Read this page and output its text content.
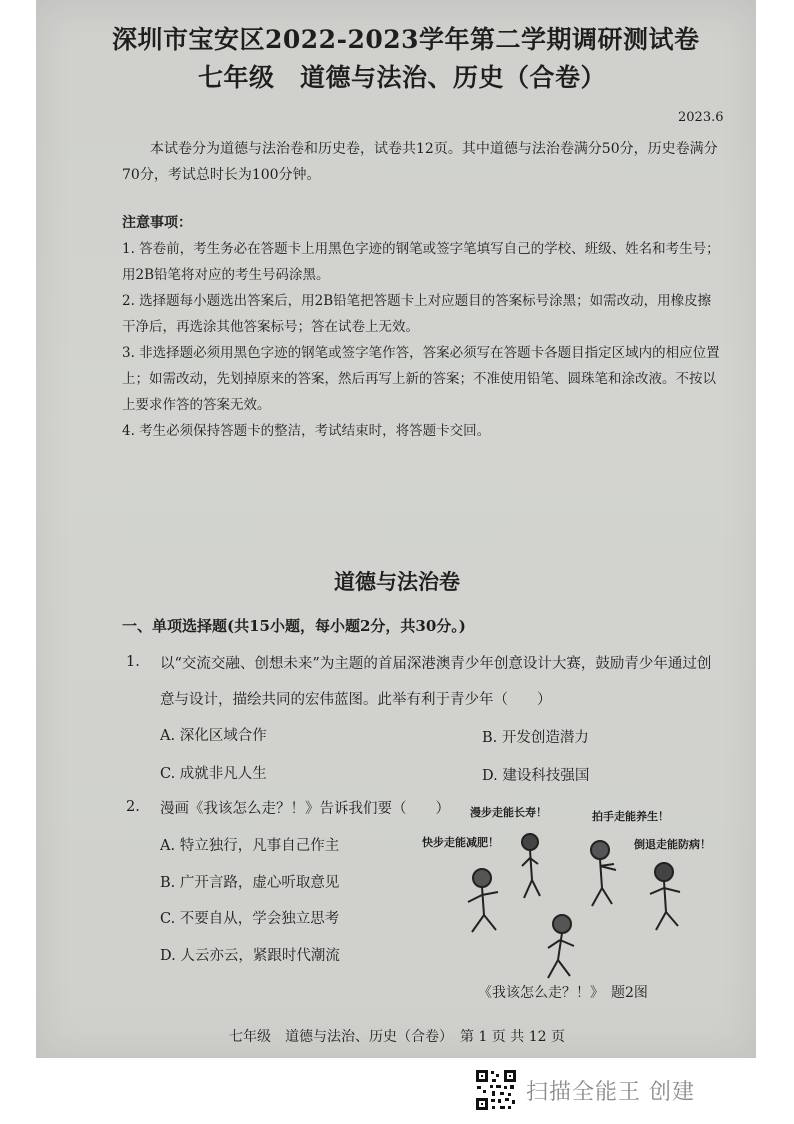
深圳市宝安区2022-2023学年第二学期调研测试卷
七年级　道德与法治、历史（合卷）
2023.6
　　本试卷分为道德与法治卷和历史卷，试卷共12页。其中道德与法治卷满分50分，历史卷满分70分，考试总时长为100分钟。
注意事项：
1. 答卷前，考生务必在答题卡上用黑色字迹的钢笔或签字笔填写自己的学校、班级、姓名和考生号；用2B铅笔将对应的考生号码涂黑。
2. 选择题每小题选出答案后，用2B铅笔把答题卡上对应题目的答案标号涂黑；如需改动，用橡皮擦干净后，再选涂其他答案标号；答在试卷上无效。
3. 非选择题必须用黑色字迹的钢笔或签字笔作答，答案必须写在答题卡各题目指定区域内的相应位置上；如需改动，先划掉原来的答案，然后再写上新的答案；不准使用铅笔、圆珠笔和涂改液。不按以上要求作答的答案无效。
4. 考生必须保持答题卡的整洁，考试结束时，将答题卡交回。
道德与法治卷
一、单项选择题(共15小题，每小题2分，共30分。)
1. 以“交流交融、创想未来”为主题的首届深港澳青少年创意设计大赛，鼓励青少年通过创意与设计，描绘共同的宏伟蓝图。此举有利于青少年（　　）
A. 深化区域合作	B. 开发创造潜力
C. 成就非凡人生	D. 建设科技强国
2. 漫画《我该怎么走？！》告诉我们要（　　）
A. 特立独行，凡事自己作主
B. 广开言路，虚心听取意见
C. 不要自从，学会独立思考
D. 人云亦云，紧跟时代潮流
漫步走能长寿！	拍手走能养生！
快步走能减肥！	倒退走能防病！
《我该怎么走？！》　题2图
七年级　道德与法治、历史（合卷）　第 1 页 共 12 页
扫描全能王 创建
